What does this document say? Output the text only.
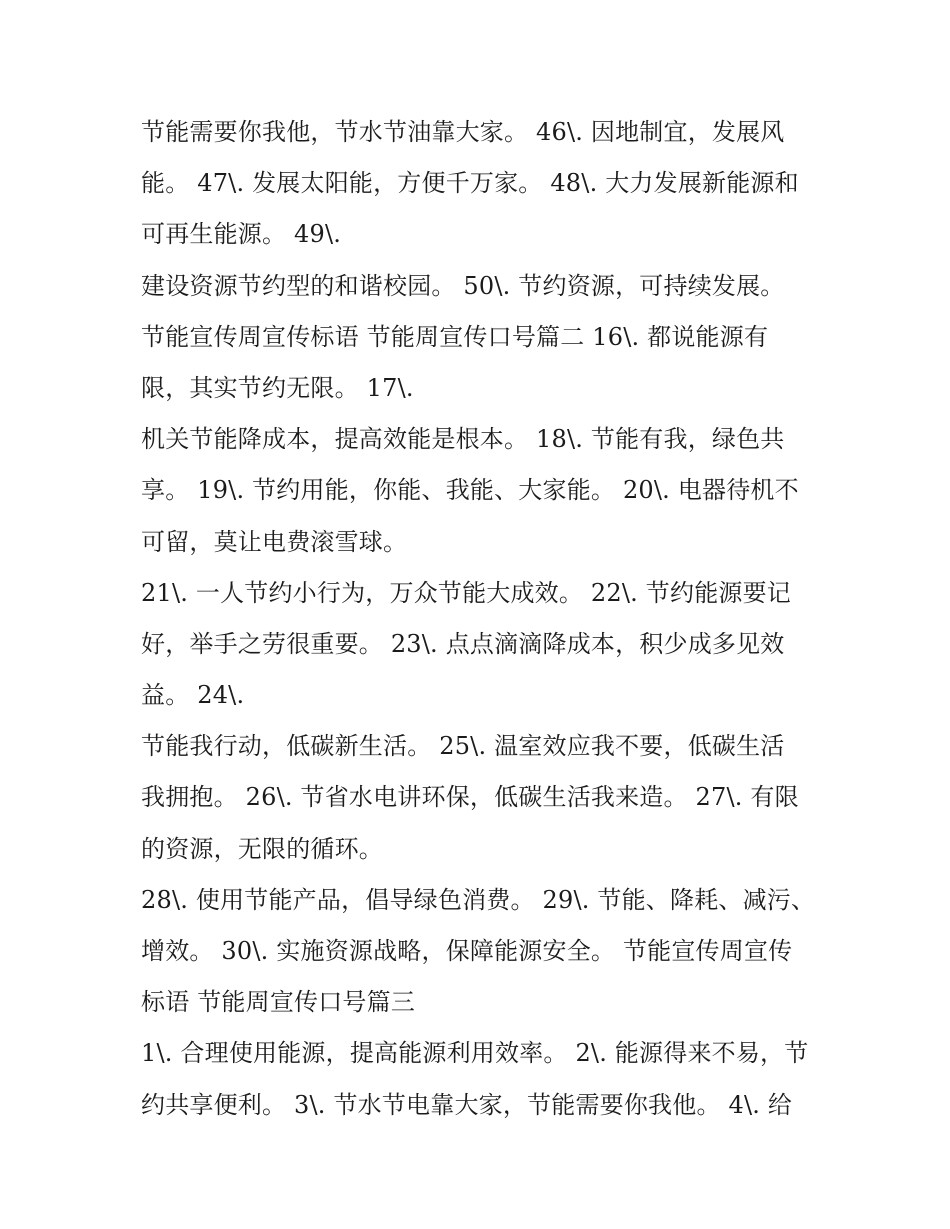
节能需要你我他，节水节油靠大家。 46\. 因地制宜，发展风
能。 47\. 发展太阳能，方便千万家。 48\. 大力发展新能源和
可再生能源。 49\.
建设资源节约型的和谐校园。 50\. 节约资源，可持续发展。
节能宣传周宣传标语 节能周宣传口号篇二 16\. 都说能源有
限，其实节约无限。 17\.
机关节能降成本，提高效能是根本。 18\. 节能有我，绿色共
享。 19\. 节约用能，你能、我能、大家能。 20\. 电器待机不
可留，莫让电费滚雪球。
21\. 一人节约小行为，万众节能大成效。 22\. 节约能源要记
好，举手之劳很重要。 23\. 点点滴滴降成本，积少成多见效
益。 24\.
节能我行动，低碳新生活。 25\. 温室效应我不要，低碳生活
我拥抱。 26\. 节省水电讲环保，低碳生活我来造。 27\. 有限
的资源，无限的循环。
28\. 使用节能产品，倡导绿色消费。 29\. 节能、降耗、减污、
增效。 30\. 实施资源战略，保障能源安全。 节能宣传周宣传
标语 节能周宣传口号篇三
1\. 合理使用能源，提高能源利用效率。 2\. 能源得来不易，节
约共享便利。 3\. 节水节电靠大家，节能需要你我他。 4\. 给
